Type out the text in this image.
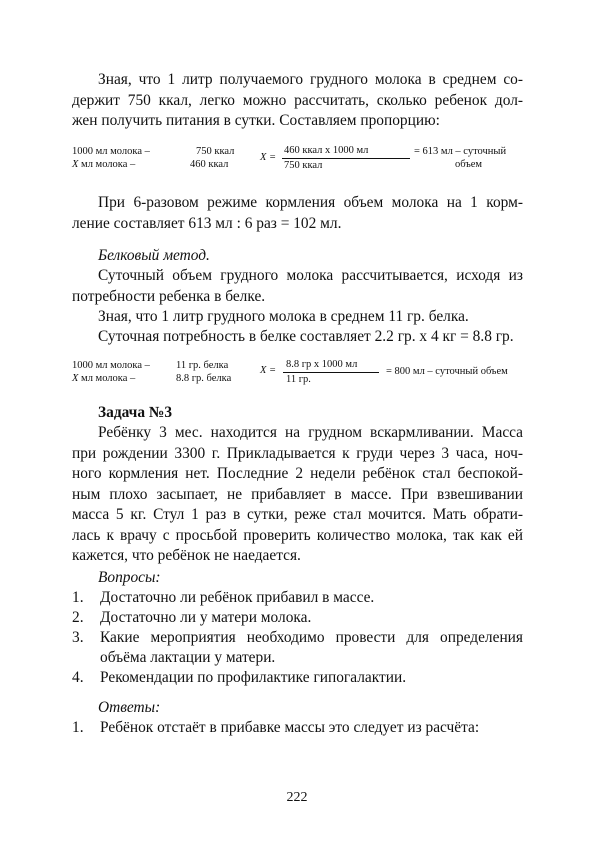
Зная, что 1 литр получаемого грудного молока в среднем со-
держит 750 ккал, легко можно рассчитать, сколько ребенок дол-
жен получить питания в сутки. Составляем пропорцию:
1000 мл молока –	750 ккал
Х мл молока –	460 ккал
Х =
460 ккал х 1000 мл
750 ккал
= 613 мл – суточный
объем
При 6-разовом режиме кормления объем молока на 1 корм-
ление составляет 613 мл : 6 раз = 102 мл.
Белковый метод.
Суточный объем грудного молока рассчитывается, исходя из
потребности ребенка в белке.
Зная, что 1 литр грудного молока в среднем 11 гр. белка.
Суточная потребность в белке составляет 2.2 гр. х 4 кг = 8.8 гр.
1000 мл молока – 11 гр. белка
Х мл молока –	8.8 гр. белка
Х =
8.8 гр х 1000 мл
11 гр.
= 800 мл – суточный объем
Задача №3
Ребёнку 3 мес. находится на грудном вскармливании. Масса
при рождении 3300 г. Прикладывается к груди через 3 часа, ноч-
ного кормления нет. Последние 2 недели ребёнок стал беспокой-
ным плохо засыпает, не прибавляет в массе. При взвешивании
масса 5 кг. Стул 1 раз в сутки, реже стал мочится. Мать обрати-
лась к врачу с просьбой проверить количество молока, так как ей
кажется, что ребёнок не наедается.
Вопросы:
1.	Достаточно ли ребёнок прибавил в массе.
2.	Достаточно ли у матери молока.
3.	Какие мероприятия необходимо провести для определения
объёма лактации у матери.
4.	Рекомендации по профилактике гипогалактии.
Ответы:
1.	Ребёнок отстаёт в прибавке массы это следует из расчёта:
222
